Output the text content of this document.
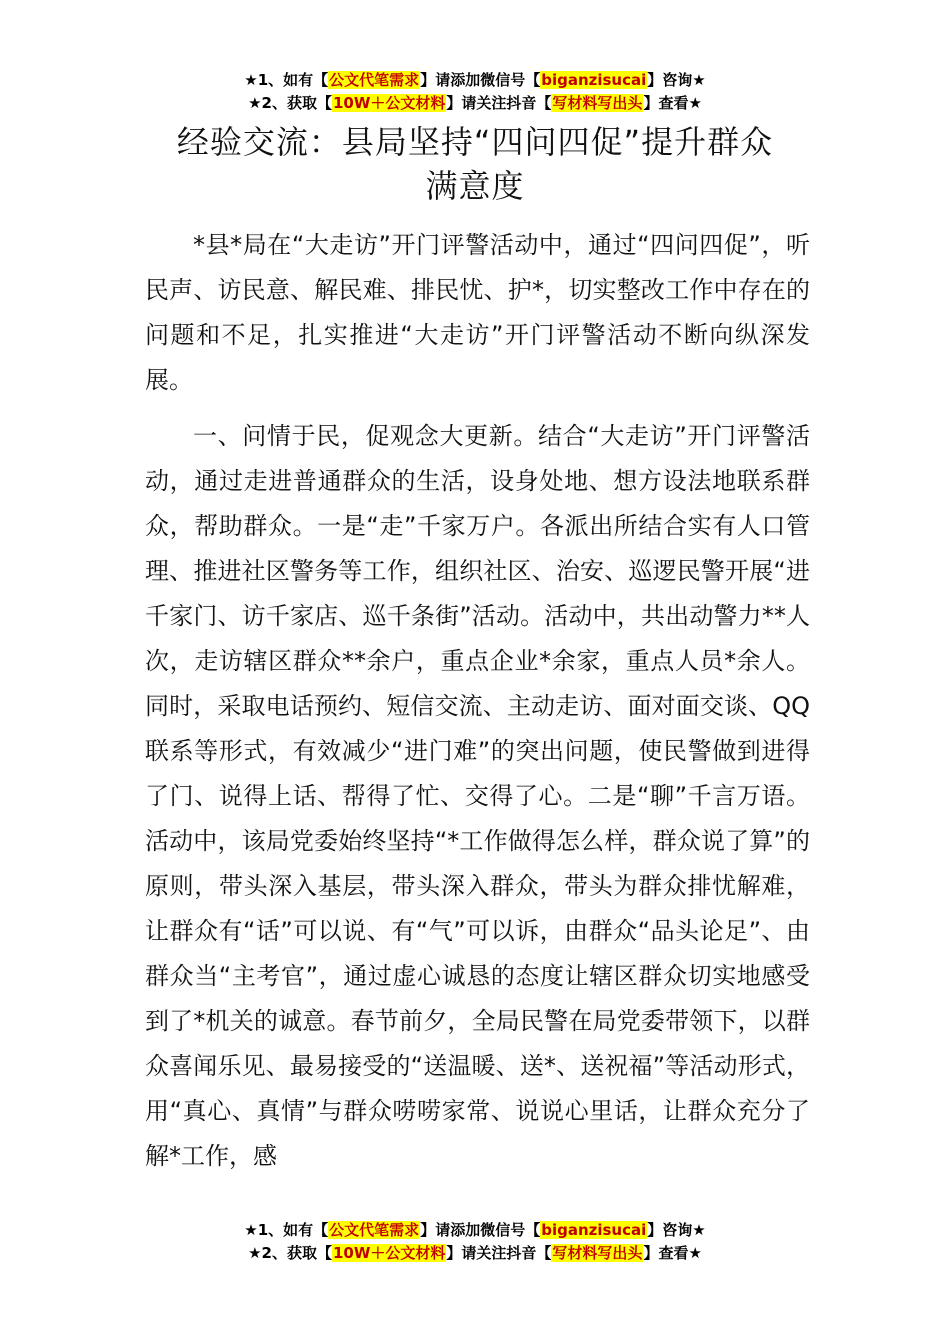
★1、如有【公文代笔需求】请添加微信号【biganzisucai】咨询★
★2、获取【10W＋公文材料】请关注抖音【写材料写出头】查看★
经验交流：县局坚持“四问四促”提升群众
满意度

*县*局在“大走访”开门评警活动中，通过“四问四促”，听民声、访民意、解民难、排民忧、护*，切实整改工作中存在的问题和不足，扎实推进“大走访”开门评警活动不断向纵深发展。

一、问情于民，促观念大更新。结合“大走访”开门评警活动，通过走进普通群众的生活，设身处地、想方设法地联系群众，帮助群众。一是“走”千家万户。各派出所结合实有人口管理、推进社区警务等工作，组织社区、治安、巡逻民警开展“进千家门、访千家店、巡千条街”活动。活动中，共出动警力**人次，走访辖区群众**余户，重点企业*余家，重点人员*余人。同时，采取电话预约、短信交流、主动走访、面对面交谈、QQ联系等形式，有效减少“进门难”的突出问题，使民警做到进得了门、说得上话、帮得了忙、交得了心。二是“聊”千言万语。活动中，该局党委始终坚持“*工作做得怎么样，群众说了算”的原则，带头深入基层，带头深入群众，带头为群众排忧解难，让群众有“话”可以说、有“气”可以诉，由群众“品头论足”、由群众当“主考官”，通过虚心诚恳的态度让辖区群众切实地感受到了*机关的诚意。春节前夕，全局民警在局党委带领下，以群众喜闻乐见、最易接受的“送温暖、送*、送祝福”等活动形式，用“真心、真情”与群众唠唠家常、说说心里话，让群众充分了解*工作，感

★1、如有【公文代笔需求】请添加微信号【biganzisucai】咨询★
★2、获取【10W＋公文材料】请关注抖音【写材料写出头】查看★
